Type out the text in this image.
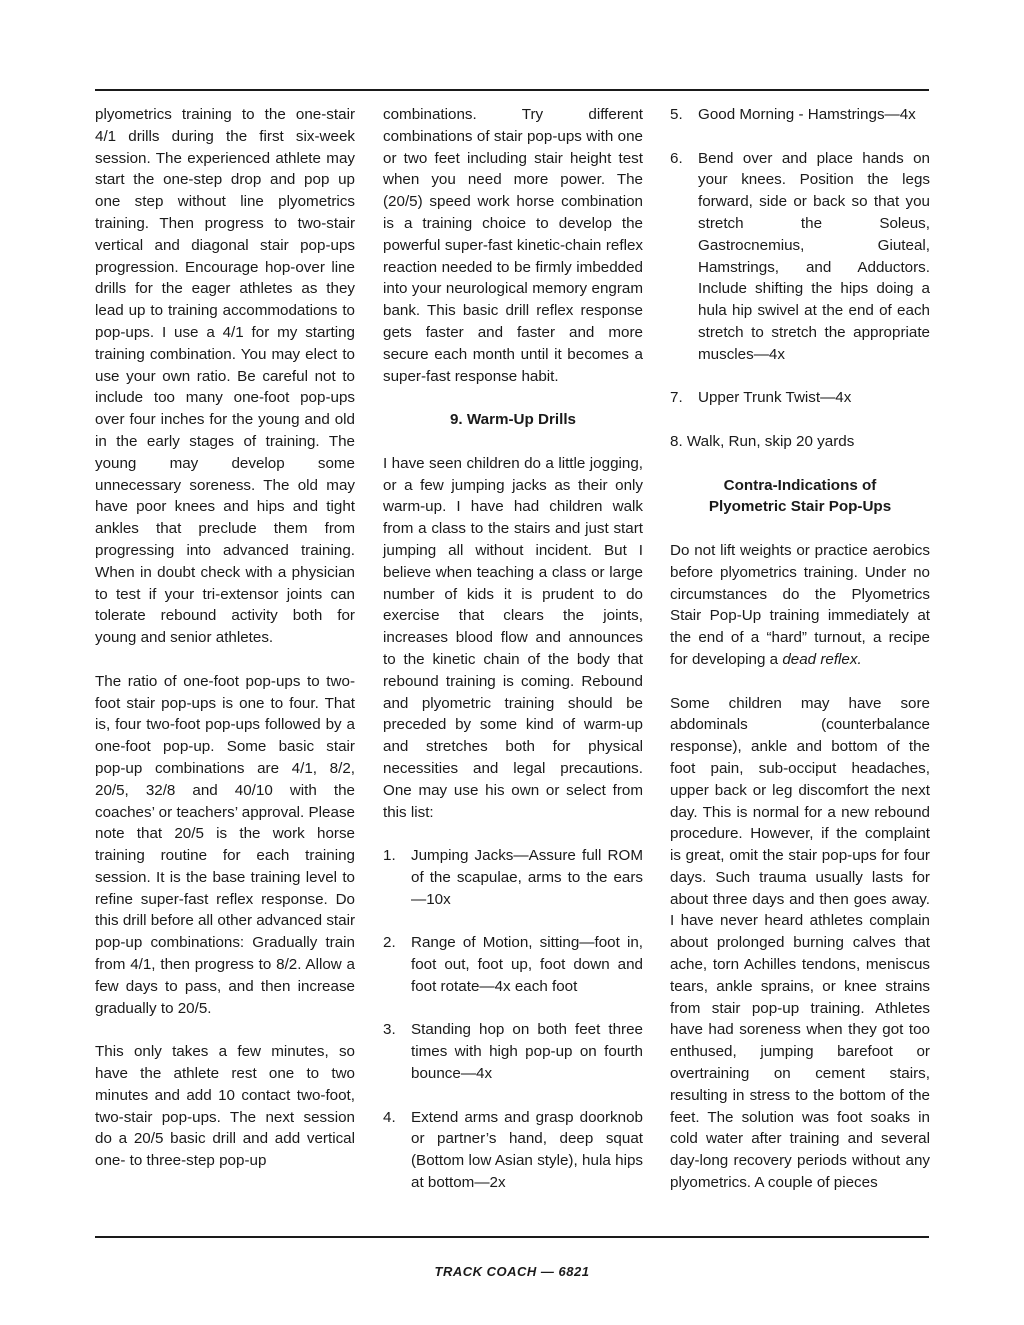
plyometrics training to the one-stair 4/1 drills during the first six-week session. The experienced athlete may start the one-step drop and pop up one step without line plyometrics training. Then progress to two-stair vertical and diagonal stair pop-ups progression. Encourage hop-over line drills for the eager athletes as they lead up to training accommodations to pop-ups. I use a 4/1 for my starting training combination. You may elect to use your own ratio. Be careful not to include too many one-foot pop-ups over four inches for the young and old in the early stages of training. The young may develop some unnecessary soreness. The old may have poor knees and hips and tight ankles that preclude them from progressing into advanced training. When in doubt check with a physician to test if your tri-extensor joints can tolerate rebound activity both for young and senior athletes.

The ratio of one-foot pop-ups to two-foot stair pop-ups is one to four. That is, four two-foot pop-ups followed by a one-foot pop-up. Some basic stair pop-up combinations are 4/1, 8/2, 20/5, 32/8 and 40/10 with the coaches’ or teachers’ approval. Please note that 20/5 is the work horse training routine for each training session. It is the base training level to refine super-fast reflex response. Do this drill before all other advanced stair pop-up combinations: Gradually train from 4/1, then progress to 8/2. Allow a few days to pass, and then increase gradually to 20/5.

This only takes a few minutes, so have the athlete rest one to two minutes and add 10 contact two-foot, two-stair pop-ups. The next session do a 20/5 basic drill and add vertical one- to three-step pop-up

combinations. Try different combinations of stair pop-ups with one or two feet including stair height test when you need more power. The (20/5) speed work horse combination is a training choice to develop the powerful super-fast kinetic-chain reflex reaction needed to be firmly imbedded into your neurological memory engram bank. This basic drill reflex response gets faster and faster and more secure each month until it becomes a super-fast response habit.

9. Warm-Up Drills

I have seen children do a little jogging, or a few jumping jacks as their only warm-up. I have had children walk from a class to the stairs and just start jumping all without incident. But I believe when teaching a class or large number of kids it is prudent to do exercise that clears the joints, increases blood flow and announces to the kinetic chain of the body that rebound training is coming. Rebound and plyometric training should be preceded by some kind of warm-up and stretches both for physical necessities and legal precautions. One may use his own or select from this list:

1. Jumping Jacks—Assure full ROM of the scapulae, arms to the ears—10x
2. Range of Motion, sitting—foot in, foot out, foot up, foot down and foot rotate—4x each foot
3. Standing hop on both feet three times with high pop-up on fourth bounce—4x
4. Extend arms and grasp doorknob or partner’s hand, deep squat (Bottom low Asian style), hula hips at bottom—2x
5. Good Morning - Hamstrings—4x
6. Bend over and place hands on your knees. Position the legs forward, side or back so that you stretch the Soleus, Gastrocnemius, Giuteal, Hamstrings, and Adductors. Include shifting the hips doing a hula hip swivel at the end of each stretch to stretch the appropriate muscles—4x
7. Upper Trunk Twist—4x

8. Walk, Run, skip 20 yards

Contra-Indications of
Plyometric Stair Pop-Ups

Do not lift weights or practice aerobics before plyometrics training. Under no circumstances do the Plyometrics Stair Pop-Up training immediately at the end of a “hard” turnout, a recipe for developing a dead reflex.

Some children may have sore abdominals (counterbalance response), ankle and bottom of the foot pain, sub-occiput headaches, upper back or leg discomfort the next day. This is normal for a new rebound procedure. However, if the complaint is great, omit the stair pop-ups for four days. Such trauma usually lasts for about three days and then goes away. I have never heard athletes complain about prolonged burning calves that ache, torn Achilles tendons, meniscus tears, ankle sprains, or knee strains from stair pop-up training. Athletes have had soreness when they got too enthused, jumping barefoot or overtraining on cement stairs, resulting in stress to the bottom of the feet. The solution was foot soaks in cold water after training and several day-long recovery periods without any plyometrics. A couple of pieces

TRACK COACH — 6821
